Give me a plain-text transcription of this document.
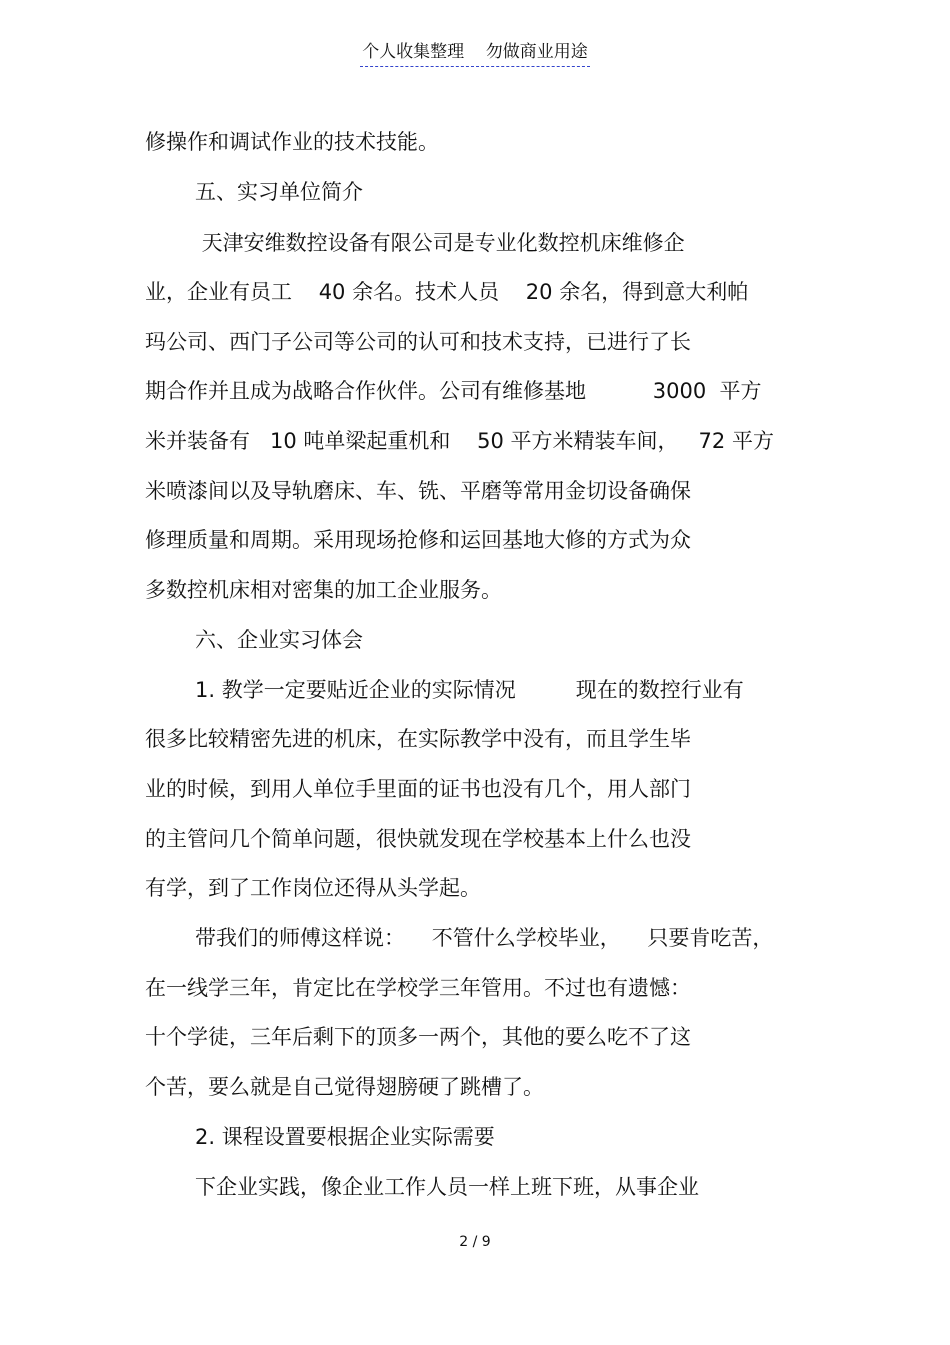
个人收集整理    勿做商业用途
修操作和调试作业的技术技能。
五、实习单位简介
天津安维数控设备有限公司是专业化数控机床维修企
业，企业有员工    40 余名。技术人员    20 余名，得到意大利帕
玛公司、西门子公司等公司的认可和技术支持，已进行了长
期合作并且成为战略合作伙伴。公司有维修基地          3000  平方
米并装备有   10 吨单梁起重机和    50 平方米精装车间，   72 平方
米喷漆间以及导轨磨床、车、铣、平磨等常用金切设备确保
修理质量和周期。采用现场抢修和运回基地大修的方式为众
多数控机床相对密集的加工企业服务。
六、企业实习体会
1. 教学一定要贴近企业的实际情况         现在的数控行业有
很多比较精密先进的机床，在实际教学中没有，而且学生毕
业的时候，到用人单位手里面的证书也没有几个，用人部门
的主管问几个简单问题，很快就发现在学校基本上什么也没
有学，到了工作岗位还得从头学起。
带我们的师傅这样说：    不管什么学校毕业，    只要肯吃苦，
在一线学三年，肯定比在学校学三年管用。不过也有遗憾：
十个学徒，三年后剩下的顶多一两个，其他的要么吃不了这
个苦，要么就是自己觉得翅膀硬了跳槽了。
2. 课程设置要根据企业实际需要
下企业实践，像企业工作人员一样上班下班，从事企业
2 / 9
